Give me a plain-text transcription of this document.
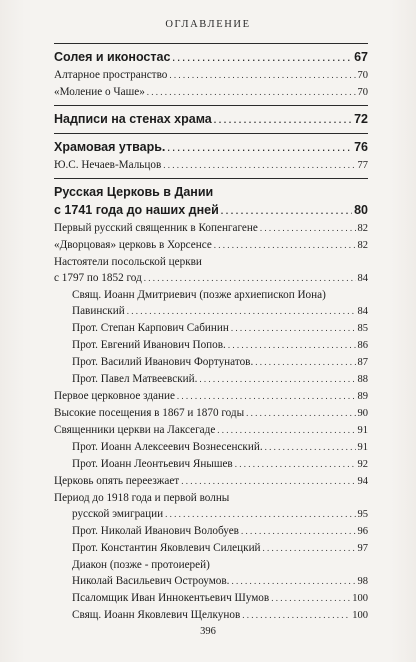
ОГЛАВЛЕНИЕ
Солея и иконостас . . .	67
Алтарное пространство . . .	70
«Моление о Чаше» . . .	70
Надписи на стенах храма . . .	72
Храмовая утварь. . . .	76
Ю.С. Нечаев-Мальцов . . .	77
Русская Церковь в Дании
с 1741 года до наших дней . . .	80
Первый русский священник в Копенгагене . . .	82
«Дворцовая» церковь в Хорсенсе . . .	82
Настоятели посольской церкви
с 1797 по 1852 год . . .	84
Свящ. Иоанн Дмитриевич (позже архиепископ Иона)
Павинский . . .	84
Прот. Степан Карпович Сабинин . . .	85
Прот. Евгений Иванович Попов. . . .	86
Прот. Василий Иванович Фортунатов. . . .	87
Прот. Павел Матвеевский. . . .	88
Первое церковное здание . . .	89
Высокие посещения в 1867 и 1870 годы . . .	90
Священники церкви на Лаксегаде . . .	91
Прот. Иоанн Алексеевич Вознесенский. . . .	91
Прот. Иоанн Леонтьевич Янышев . . .	92
Церковь опять переезжает . . .	94
Период до 1918 года и первой волны
русской эмиграции . . .	95
Прот. Николай Иванович Волобуев . . .	96
Прот. Константин Яковлевич Силецкий . . .	97
Диакон (позже - протоиерей)
Николай Васильевич Остроумов. . . .	98
Псаломщик Иван Иннокентьевич Шумов . . .	100
Свящ. Иоанн Яковлевич Щелкунов . . .	100
396
